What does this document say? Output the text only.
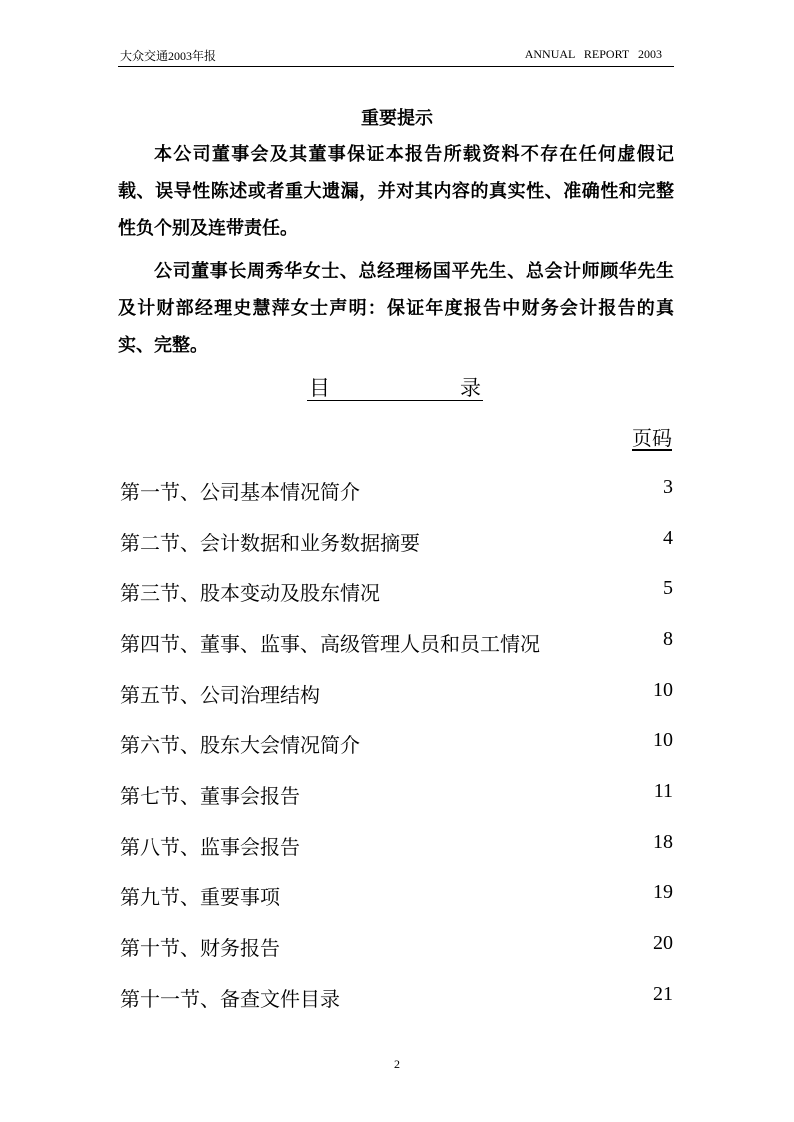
大众交通2003年报	ANNUAL REPORT 2003
重要提示

本公司董事会及其董事保证本报告所载资料不存在任何虚假记载、误导性陈述或者重大遗漏，并对其内容的真实性、准确性和完整性负个别及连带责任。

公司董事长周秀华女士、总经理杨国平先生、总会计师顾华先生及计财部经理史慧萍女士声明：保证年度报告中财务会计报告的真实、完整。

目	录
页码
第一节、公司基本情况简介	3
第二节、会计数据和业务数据摘要	4
第三节、股本变动及股东情况	5
第四节、董事、监事、高级管理人员和员工情况	8
第五节、公司治理结构	10
第六节、股东大会情况简介	10
第七节、董事会报告	11
第八节、监事会报告	18
第九节、重要事项	19
第十节、财务报告	20
第十一节、备查文件目录	21
2
